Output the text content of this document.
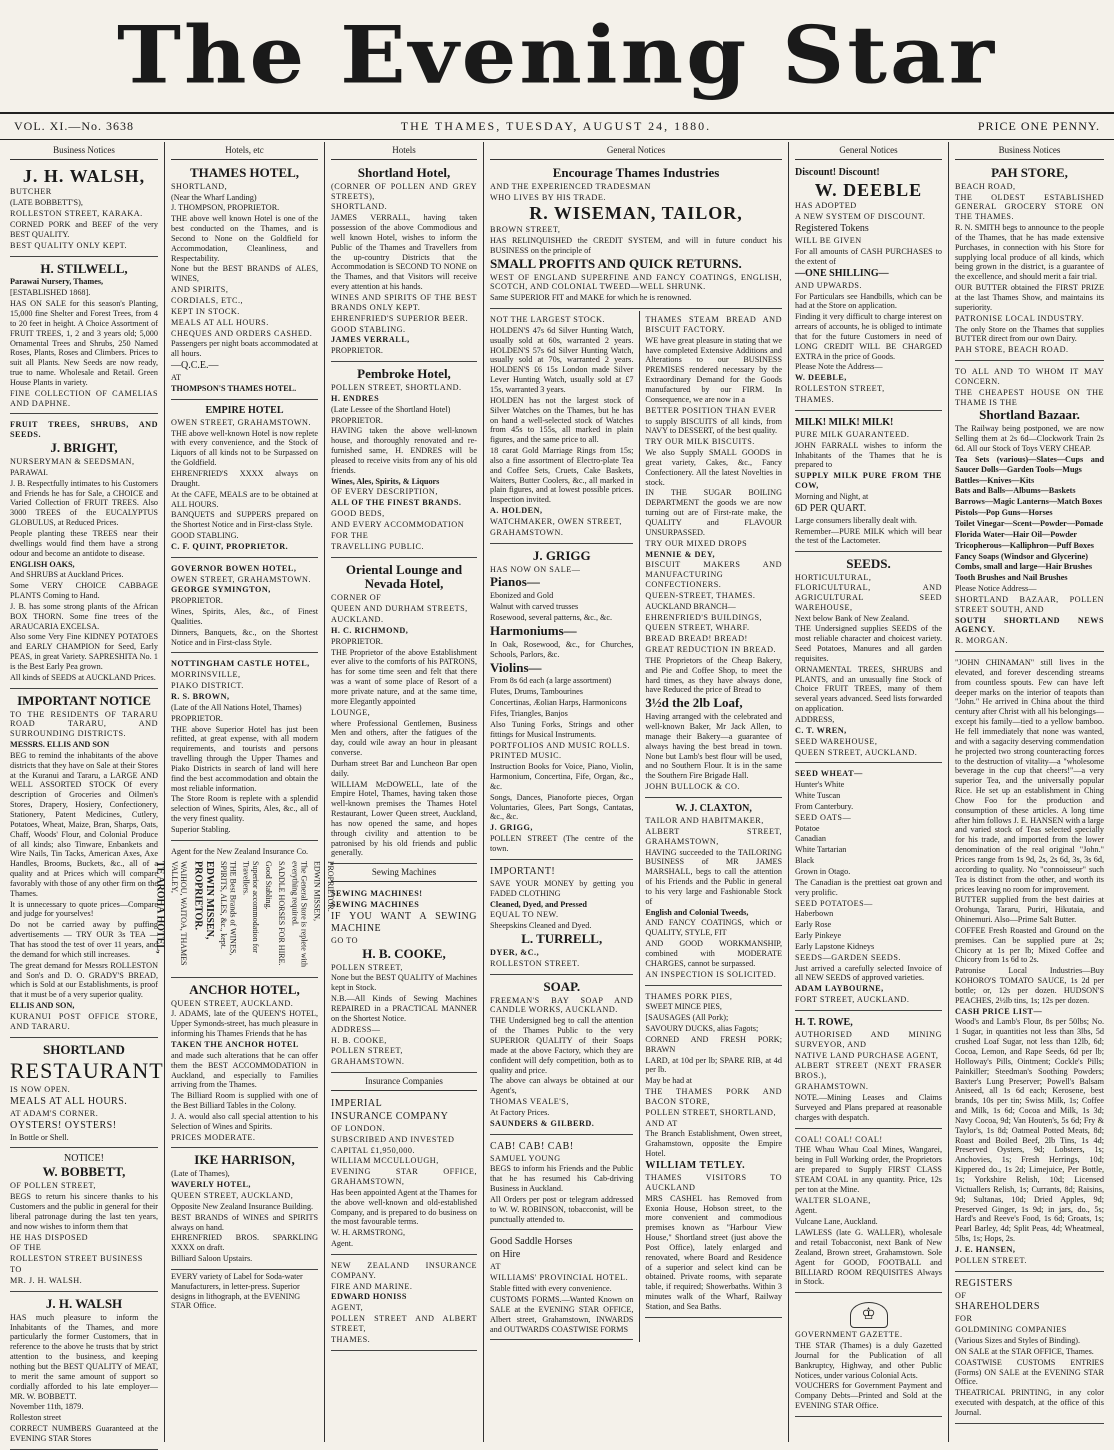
The Evening Star
VOL. XI.—No. 3638	THE THAMES, TUESDAY, AUGUST 24, 1880.	PRICE ONE PENNY.
Business Notices
J. H. WALSH,

BUTCHER

(LATE BOBBETT'S),

ROLLESTON STREET, KARAKA.

CORNED PORK and BEEF of the very BEST QUALITY.

BEST QUALITY ONLY KEPT.

H. STILWELL,

Parawai Nursery, Thames,

[ESTABLISHED 1868].

HAS ON SALE for this season's Planting, 15,000 fine Shelter and Forest Trees, from 4 to 20 feet in height. A Choice Assortment of FRUIT TREES, 1, 2 and 3 years old; 5,000 Ornamental Trees and Shrubs, 250 Named Roses, Plants, Roses and Climbers. Prices to suit all Plants. New Seeds are now ready, true to name. Wholesale and Retail. Green House Plants in variety.

FINE COLLECTION OF CAMELIAS AND DAPHNE.

FRUIT TREES, SHRUBS, AND SEEDS.

J. BRIGHT,

NURSERYMAN & SEEDSMAN,

PARAWAI.

J. B. Respectfully intimates to his Customers and Friends he has for Sale, a CHOICE and Varied Collection of FRUIT TREES. Also 3000 TREES of the EUCALYPTUS GLOBULUS, at Reduced Prices.

People planting these TREES near their dwellings would find them have a strong odour and become an antidote to disease.

ENGLISH OAKS,

And SHRUBS at Auckland Prices.

Some VERY CHOICE CABBAGE PLANTS Coming to Hand.

J. B. has some strong plants of the African BOX THORN. Some fine trees of the ARAUCARIA EXCELSA.

Also some Very Fine KIDNEY POTATOES and EARLY CHAMPION for Seed, Early PEAS, in great Variety. SAPRESHITA No. 1 is the Best Early Pea grown.

All kinds of SEEDS at AUCKLAND Prices.

IMPORTANT NOTICE

TO THE RESIDENTS OF TARARU ROAD TARARU, AND SURROUNDING DISTRICTS.

MESSRS. ELLIS AND SON

BEG to remind the inhabitants of the above districts that they have on Sale at their Stores at the Kuranui and Tararu, a LARGE AND WELL ASSORTED STOCK Of every description of Groceries and Oilmen's Stores, Drapery, Hosiery, Confectionery, Stationery, Patent Medicines, Cutlery, Potatoes, Wheat, Maize, Bran, Sharps, Oats, Chaff, Woods' Flour, and Colonial Produce of all kinds; also Tinware, Enbankets and Wire Nails, Tin Tacks, American Axes, Axe Handles, Brooms, Buckets, &c., all of a quality and at Prices which will compare favorably with those of any other firm on the Thames.

It is unnecessary to quote prices—Compare and judge for yourselves!

Do not be carried away by puffing advertisements — TRY OUR 3s TEA — That has stood the test of over 11 years, and the demand for which still increases.

The great demand for Messrs ROLLESTON and Son's and D. O. GRADY'S BREAD, which is Sold at our Establishments, is proof that it must be of a very superior quality.

ELLIS AND SON,

KURANUI POST OFFICE STORE, AND TARARU.

SHORTLAND
RESTAURANT

IS NOW OPEN.

MEALS AT ALL HOURS.

AT ADAM'S CORNER.

OYSTERS! OYSTERS!

In Bottle or Shell.

NOTICE!
W. BOBBETT,

OF POLLEN STREET,

BEGS to return his sincere thanks to his Customers and the public in general for their liberal patronage during the last ten years, and now wishes to inform them that

HE HAS DISPOSED

OF THE

ROLLESTON STREET BUSINESS

TO

MR. J. H. WALSH.

J. H. WALSH

HAS much pleasure to inform the Inhabitants of the Thames, and more particularly the former Customers, that in reference to the above he trusts that by strict attention to the business, and keeping nothing but the BEST QUALITY of MEAT, to merit the same amount of support so cordially afforded to his late employer—MR. W. BOBBETT.

November 11th, 1879.

Rolleston street

CORRECT NUMBERS Guaranteed at the EVENING STAR Stores

Hotels, etc
THAMES HOTEL,

SHORTLAND,

(Near the Wharf Landing)

J. THOMPSON, PROPRIETOR.

THE above well known Hotel is one of the best conducted on the Thames, and is Second to None on the Goldfield for Accommodation, Cleanliness, and Respectability.

None but the BEST BRANDS of ALES, WINES,

AND SPIRITS,

CORDIALS, ETC.,

KEPT IN STOCK.

MEALS AT ALL HOURS.

CHEQUES AND ORDERS CASHED.

Passengers per night boats accommodated at all hours.

—Q.C.E.—

AT

THOMPSON'S THAMES HOTEL.

EMPIRE HOTEL

OWEN STREET, GRAHAMSTOWN.

THE above well-known Hotel is now replete with every convenience, and the Stock of Liquors of all kinds not to be Surpassed on the Goldfield.

EHRENFRIED'S XXXX always on Draught.

At the CAFE, MEALS are to be obtained at ALL HOURS.

BANQUETS and SUPPERS prepared on the Shortest Notice and in First-class Style.

GOOD STABLING.

C. F. QUINT, PROPRIETOR.

GOVERNOR BOWEN HOTEL,

OWEN STREET, GRAHAMSTOWN.

GEORGE SYMINGTON,

PROPRIETOR.

Wines, Spirits, Ales, &c., of Finest Qualities.

Dinners, Banquets, &c., on the Shortest Notice and in First-class Style.

NOTTINGHAM CASTLE HOTEL,

MORRINSVILLE,

PIAKO DISTRICT.

R. S. BROWN,

(Late of the All Nations Hotel, Thames)

PROPRIETOR.

THE above Superior Hotel has just been refitted, at great expense, with all modern requirements, and tourists and persons travelling through the Upper Thames and Piako Districts in search of land will here find the best accommodation and obtain the most reliable information.

The Store Room is replete with a splendid selection of Wines, Spirits, Ales, &c., all of the very finest quality.

Superior Stabling.

Agent for the New Zealand Insurance Co.

TE AROHA HOTEL,	WAIHOU, WAITOA, THAMES VALLEY,	EDWIN MISSEN, PROPRIETOR.	THE Best Brands of WINES, SPIRITS, ALES, &c., kept.	Superior accommodation for Travellers.	Good Stabling. SADDLE HORSES FOR HIRE.	The General Store is replete with everything required.	EDWIN MISSEN, PROPRIETOR.
ANCHOR HOTEL,

QUEEN STREET, AUCKLAND.

J. ADAMS, late of the QUEEN'S HOTEL, Upper Symonds-street, has much pleasure in informing his Thames Friends that he has

TAKEN THE ANCHOR HOTEL

and made such alterations that he can offer them the BEST ACCOMMODATION in Auckland, and especially to Families arriving from the Thames.

The Billiard Room is supplied with one of the Best Billiard Tables in the Colony.

J. A. would also call special attention to his Selection of Wines and Spirits.

PRICES MODERATE.

IKE HARRISON,

(Late of Thames),

WAVERLY HOTEL,

QUEEN STREET, AUCKLAND,

Opposite New Zealand Insurance Building.

BEST BRANDS of WINES and SPIRITS always on hand.

EHRENFRIED BROS. SPARKLING XXXX on draft.

Billiard Saloon Upstairs.

EVERY variety of Label for Soda-water Manufacturers, in letter-press. Superior designs in lithograph, at the EVENING STAR Office.

Hotels
Shortland Hotel,

(CORNER OF POLLEN AND GREY STREETS),

SHORTLAND.

JAMES VERRALL, having taken possession of the above Commodious and well known Hotel, wishes to inform the Public of the Thames and Travellers from the up-country Districts that the Accommodation is SECOND TO NONE on the Thames, and that Visitors will receive every attention at his hands.

WINES AND SPIRITS OF THE BEST BRANDS ONLY KEPT.

EHRENFRIED'S SUPERIOR BEER.

GOOD STABLING.

JAMES VERRALL,

PROPRIETOR.

Pembroke Hotel,

POLLEN STREET, SHORTLAND.

H. ENDRES

(Late Lessee of the Shortland Hotel)

PROPRIETOR.

HAVING taken the above well-known house, and thoroughly renovated and re-furnished same, H. ENDRES will be pleased to receive visits from any of his old friends.

Wines, Ales, Spirits, & Liquors

OF EVERY DESCRIPTION,

ALL OF THE FINEST BRANDS.

GOOD BEDS,

AND EVERY ACCOMMODATION

FOR THE

TRAVELLING PUBLIC.

Oriental Lounge and Nevada Hotel,

CORNER OF

QUEEN AND DURHAM STREETS,

AUCKLAND.

H. C. RICHMOND,

PROPRIETOR.

THE Proprietor of the above Establishment ever alive to the comforts of his PATRONS, has for some time seen and felt that there was a want of some place of Resort of a more private nature, and at the same time, more Elegantly appointed

LOUNGE,

where Professional Gentlemen, Business Men and others, after the fatigues of the day, could wile away an hour in pleasant converse.

Durham street Bar and Luncheon Bar open daily.

WILLIAM McDOWELL, late of the Empire Hotel, Thames, having taken those well-known premises the Thames Hotel Restaurant, Lower Queen street, Auckland, has now opened the same, and hopes through civility and attention to be patronised by his old friends and public generally.

Sewing Machines

SEWING MACHINES!

SEWING MACHINES

IF YOU WANT A SEWING MACHINE

GO TO

H. B. COOKE,

POLLEN STREET,

None but the BEST QUALITY of Machines kept in Stock.

N.B.—All Kinds of Sewing Machines REPAIRED in a PRACTICAL MANNER on the Shortest Notice.

ADDRESS—

H. B. COOKE,

POLLEN STREET,

GRAHAMSTOWN.

Insurance Companies

IMPERIAL

INSURANCE COMPANY

OF LONDON.

SUBSCRIBED AND INVESTED

CAPITAL £1,950,000.

WILLIAM MCCULLOUGH,

EVENING STAR OFFICE, GRAHAMSTOWN,

Has been appointed Agent at the Thames for the above well-known and old-established Company, and is prepared to do business on the most favourable terms.

W. H. ARMSTRONG,

Agent.

NEW ZEALAND INSURANCE COMPANY.

FIRE AND MARINE.

EDWARD HONISS

AGENT,

POLLEN STREET AND ALBERT STREET,

THAMES.

General Notices
Encourage Thames Industries

AND THE EXPERIENCED TRADESMAN

WHO LIVES BY HIS TRADE.

R. WISEMAN, TAILOR,

BROWN STREET,

HAS RELINQUISHED the CREDIT SYSTEM, and will in future conduct his BUSINESS on the principle of

SMALL PROFITS AND QUICK RETURNS.

WEST OF ENGLAND SUPERFINE AND FANCY COATINGS, ENGLISH, SCOTCH, AND COLONIAL TWEED—WELL SHRUNK.

Same SUPERIOR FIT and MAKE for which he is renowned.

NOT THE LARGEST STOCK.

HOLDEN'S 47s 6d Silver Hunting Watch, usually sold at 60s, warranted 2 years. HOLDEN'S 57s 6d Silver Hunting Watch, usually sold at 70s, warranted 2 years. HOLDEN'S £6 15s London made Silver Lever Hunting Watch, usually sold at £7 15s, warranted 3 years.

HOLDEN has not the largest stock of Silver Watches on the Thames, but he has on hand a well-selected stock of Watches from 45s to 155s, all marked in plain figures, and the same price to all.

18 carat Gold Marriage Rings from 15s; also a fine assortment of Electro-plate Tea and Coffee Sets, Cruets, Cake Baskets, Waiters, Butter Coolers, &c., all marked in plain figures, and at lowest possible prices. Inspection invited.

A. HOLDEN,

WATCHMAKER, OWEN STREET,

GRAHAMSTOWN.

J. GRIGG

HAS NOW ON SALE—

Pianos—

Ebonized and Gold

Walnut with carved trusses

Rosewood, several patterns, &c., &c.

Harmoniums—

In Oak, Rosewood, &c., for Churches, Schools, Parlors, &c.

Violins—

From 8s 6d each (a large assortment)

Flutes, Drums, Tambourines

Concertinas, Æolian Harps, Harmonicons

Fifes, Triangles, Banjos

Also Tuning Forks, Strings and other fittings for Musical Instruments.

PORTFOLIOS AND MUSIC ROLLS.

PRINTED MUSIC.

Instruction Books for Voice, Piano, Violin, Harmonium, Concertina, Fife, Organ, &c., &c.

Songs, Dances, Pianoforte pieces, Organ Voluntaries, Glees, Part Songs, Cantatas, &c., &c.

J. GRIGG,

POLLEN STREET (The centre of the town.

IMPORTANT!

SAVE YOUR MONEY by getting you FADED CLOTHING

Cleaned, Dyed, and Pressed

EQUAL TO NEW.

Sheepskins Cleaned and Dyed.

L. TURRELL,

DYER, &C.,

ROLLESTON STREET.

SOAP.

FREEMAN'S BAY SOAP AND CANDLE WORKS, AUCKLAND.

THE Undersigned beg to call the attention of the Thames Public to the very SUPERIOR QUALITY of their Soaps made at the above Factory, which they are confident will defy competition, both as to quality and price.

The above can always be obtained at our Agent's,

THOMAS VEALE'S,

At Factory Prices.

SAUNDERS & GILBERD.

CAB! CAB! CAB!

SAMUEL YOUNG

BEGS to inform his Friends and the Public that he has resumed his Cab-driving Business in Auckland.

All Orders per post or telegram addressed to W. W. ROBINSON, tobacconist, will be punctually attended to.

Good Saddle Horses

on Hire

AT

WILLIAMS' PROVINCIAL HOTEL.

Stable fitted with every convenience.

CUSTOMS FORMS.—Wanted Known on SALE at the EVENING STAR OFFICE, Albert street, Grahamstown, INWARDS and OUTWARDS COASTWISE FORMS

THAMES STEAM BREAD AND BISCUIT FACTORY.

WE have great pleasure in stating that we have completed Extensive Additions and Alterations to our BUSINESS PREMISES rendered necessary by the Extraordinary Demand for the Goods manufactured by our FIRM. In Consequence, we are now in a

BETTER POSITION THAN EVER

to supply BISCUITS of all kinds, from NAVY to DESSERT, of the best quality.

TRY OUR MILK BISCUITS.

We also Supply SMALL GOODS in great variety, Cakes, &c., Fancy Confectionery. All the latest Novelties in stock.

IN THE SUGAR BOILING DEPARTMENT the goods we are now turning out are of First-rate make, the QUALITY and FLAVOUR UNSURPASSED.

TRY OUR MIXED DROPS

MENNIE & DEY,

BISCUIT MAKERS AND MANUFACTURING CONFECTIONERS.

QUEEN-STREET, THAMES.

AUCKLAND BRANCH—

EHRENFRIED'S BUILDINGS,

QUEEN STREET, WHARF.

BREAD BREAD! BREAD!

GREAT REDUCTION IN BREAD.

THE Proprietors of the Cheap Bakery, and Pie and Coffee Shop, to meet the hard times, as they have always done, have Reduced the price of Bread to

3½d the 2lb Loaf,

Having arranged with the celebrated and well-known Baker, Mr Jack Allen, to manage their Bakery—a guarantee of always having the best bread in town. None but Lamb's best flour will be used, and no Southern Flour. It is in the same the Southern Fire Brigade Hall.

JOHN BULLOCK & CO.

W. J. CLAXTON,

TAILOR AND HABITMAKER,

ALBERT STREET, GRAHAMSTOWN,

HAVING succeeded to the TAILORING BUSINESS of MR JAMES MARSHALL, begs to call the attention of his Friends and the Public in general to his very large and Fashionable Stock of

English and Colonial Tweeds,

AND FANCY COATINGS, which or QUALITY, STYLE, FIT

AND GOOD WORKMANSHIP, combined with MODERATE CHARGES, cannot be surpassed.

AN INSPECTION IS SOLICITED.

THAMES PORK PIES,

SWEET MINCE PIES,

[SAUSAGES (All Pork);

SAVOURY DUCKS, alias Fagots;

CORNED AND FRESH PORK; BRAWN

LARD, at 10d per lb; SPARE RIB, at 4d per lb.

May be had at

THE THAMES PORK AND BACON STORE,

POLLEN STREET, SHORTLAND,

AND AT

The Branch Establishment, Owen street, Grahamstown, opposite the Empire Hotel.

WILLIAM TETLEY.

THAMES VISITORS TO AUCKLAND

MRS CASHEL has Removed from Exonia House, Hobson street, to the more convenient and commodious premises known as "Harbour View House," Shortland street (just above the Post Office), lately enlarged and renovated, where Board and Residence of a superior and select kind can be obtained. Private rooms, with separate table, if required; Showerbaths. Within 3 minutes walk of the Wharf, Railway Station, and Sea Baths.

General Notices

Discount! Discount!

W. DEEBLE

HAS ADOPTED

A NEW SYSTEM OF DISCOUNT.

Registered Tokens

WILL BE GIVEN

For all amounts of CASH PURCHASES to the extent of

—ONE SHILLING—

AND UPWARDS.

For Particulars see Handbills, which can be had at the Store on application.

Finding it very difficult to charge interest on arrears of accounts, he is obliged to intimate that for the future Customers in need of LONG CREDIT WILL BE CHARGED EXTRA in the price of Goods.

Please Note the Address—

W. DEEBLE,

ROLLESTON STREET,

THAMES.

MILK! MILK! MILK!

PURE MILK GUARANTEED.

JOHN FARRALL wishes to inform the Inhabitants of the Thames that he is prepared to

SUPPLY MILK PURE FROM THE COW,

Morning and Night, at

6D PER QUART.

Large consumers liberally dealt with.

Remember—PURE MILK which will bear the test of the Lactometer.

SEEDS.

HORTICULTURAL, FLORICULTURAL, AND AGRICULTURAL SEED WAREHOUSE,

Next below Bank of New Zealand.

THE Undersigned supplies SEEDS of the most reliable character and choicest variety. Seed Potatoes, Manures and all garden requisites.

ORNAMENTAL TREES, SHRUBS and PLANTS, and an unusually fine Stock of Choice FRUIT TREES, many of them several years advanced. Seed lists forwarded on application.

ADDRESS,

C. T. WREN,

SEED WAREHOUSE,

QUEEN STREET, AUCKLAND.

SEED WHEAT—

Hunter's White

White Tuscan

From Canterbury.

SEED OATS—

Potatoe

Canadian

White Tartarian

Black

Grown in Otago.

The Canadian is the prettiest oat grown and very prolific.

SEED POTATOES—

Haberbown

Early Rose

Early Pinkeye

Early Lapstone Kidneys

SEEDS—GARDEN SEEDS.

Just arrived a carefully selected Invoice of all NEW SEEDS of approved varieties.

ADAM LAYBOURNE,

FORT STREET, AUCKLAND.

H. T. ROWE,

AUTHORISED AND MINING SURVEYOR, AND

NATIVE LAND PURCHASE AGENT,

ALBERT STREET (NEXT FRASER BROS.),

GRAHAMSTOWN.

NOTE.—Mining Leases and Claims Surveyed and Plans prepared at reasonable charges with despatch.

COAL! COAL! COAL!

THE Whau Whau Coal Mines, Wangarei, being in Full Working order, the Proprietors are prepared to Supply FIRST CLASS STEAM COAL in any quantity. Price, 12s per ton at the Mine.

WALTER SLOANE,

Agent.

Vulcane Lane, Auckland.

LAWLESS (late G. WALLER), wholesale and retail Tobacconist, next Bank of New Zealand, Brown street, Grahamstown. Sole Agent for GOOD, FOOTBALL and BILLIARD ROOM REQUISITES Always in Stock.

♔

GOVERNMENT GAZETTE.

THE STAR (Thames) is a duly Gazetted Journal for the Publication of all Bankruptcy, Highway, and other Public Notices, under various Colonial Acts.

VOUCHERS for Government Payment and Company Debts—Printed and Sold at the EVENING STAR Office.

Business Notices
PAH STORE,

BEACH ROAD,

THE OLDEST ESTABLISHED GENERAL GROCERY STORE ON THE THAMES.

R. N. SMITH begs to announce to the people of the Thames, that he has made extensive Purchases, in connection with his Store for supplying local produce of all kinds, which being grown in the district, is a guarantee of the excellence, and should merit a fair trial.

OUR BUTTER obtained the FIRST PRIZE at the last Thames Show, and maintains its superiority.

PATRONISE LOCAL INDUSTRY.

The only Store on the Thames that supplies BUTTER direct from our own Dairy.

PAH STORE, BEACH ROAD.

TO ALL AND TO WHOM IT MAY CONCERN.

THE CHEAPEST HOUSE ON THE THAME IS THE

Shortland Bazaar.

The Railway being postponed, we are now Selling them at 2s 6d—Clockwork Train 2s 6d. All our Stock of Toys VERY CHEAP.

Tea Sets (various)—Slates—Cups and Saucer Dolls—Garden Tools—Mugs

Battles—Knives—Kits

Bats and Balls—Albums—Baskets

Barrows—Magic Lanterns—Match Boxes

Pistols—Pop Guns—Horses

Toilet Vinegar—Scent—Powder—Pomade

Florida Water—Hair Oil—Powder

Tricopherous—Kalliphron—Puff Boxes

Fancy Soaps (Windsor and Glycerine)

Combs, small and large—Hair Brushes

Tooth Brushes and Nail Brushes

Please Notice Address—

SHORTLAND BAZAAR, POLLEN STREET SOUTH, AND

SOUTH SHORTLAND NEWS AGENCY.

R. MORGAN.

"JOHN CHINAMAN" still lives in the elevated, and forever descending streams from countless spouts. Few can have left deeper marks on the interior of teapots than "John." He arrived in China about the third century after Christ with all his belongings—except his family—tied to a yellow bamboo. He fell immediately that none was wanted, and with a sagacity deserving commendation he projected two strong counteracting forces to the destruction of vitality—a "wholesome beverage in the cup that cheers!"—a very superior Tea, and the universally popular Rice. He set up an establishment in Ching Chow Foo for the production and consumption of these articles. A long time after him follows J. E. HANSEN with a large and varied stock of Teas selected specially for his trade, and imported from the lower denomination of the real original "John." Prices range from 1s 9d, 2s, 2s 6d, 3s, 3s 6d, according to quality. No "connoisseur" such Tea is distinct from the other, and worth its prices leaving no room for improvement.

BUTTER supplied from the best dairies at Orohunga, Tararu, Puriri, Hikutaia, and Ohinemuri. Also—Prime Salt Butter.

COFFEE Fresh Roasted and Ground on the premises. Can be supplied pure at 2s; Chicory at 1s per lb; Mixed Coffee and Chicory from 1s 6d to 2s.

Patronise Local Industries—Buy KOHORO'S TOMATO SAUCE, 1s 2d per bottle; or, 12s per dozen. HUDSON'S PEACHES, 2½lb tins, 1s; 12s per dozen.

CASH PRICE LIST—

Wood's and Lamb's Flour, 8s per 50lbs; No. 1 Sugar, in quantities not less than 3lbs, 5d crushed Loaf Sugar, not less than 12lb, 6d; Cocoa, Lemon, and Rape Seeds, 6d per lb; Holloway's Pills, Ointment; Cockle's Pills; Painkiller; Steedman's Soothing Powders; Baxter's Lung Preserver; Powell's Balsam Aniseed, all 1s 6d each; Kerosene, best brands, 10s per tin; Swiss Milk, 1s; Coffee and Milk, 1s 6d; Cocoa and Milk, 1s 3d; Navy Cocoa, 9d; Van Houten's, 5s 6d; Fry & Taylor's, 1s 8d; Oatmeal Potted Meats, 8d; Roast and Boiled Beef, 2lb Tins, 1s 4d; Preserved Oysters, 9d; Lobsters, 1s; Anchovies, 1s; Fresh Herrings, 10d; Kippered do., 1s 2d; Limejuice, Per Bottle, 1s; Yorkshire Relish, 10d; Licensed Victuallers Relish, 1s; Currants, 8d; Raisins, 9d; Sultanas, 10d; Dried Apples, 9d; Preserved Ginger, 1s 9d; in jars, do., 5s; Hard's and Reeve's Food, 1s 6d; Groats, 1s; Pearl Barley, 4d; Split Peas, 4d; Wheatmeal, 5lbs, 1s; Hops, 2s.

J. E. HANSEN,

POLLEN STREET.

REGISTERS

OF

SHAREHOLDERS

FOR

GOLDMINING COMPANIES

(Various Sizes and Styles of Binding).

ON SALE at the STAR OFFICE, Thames.

COASTWISE CUSTOMS ENTRIES (Forms) ON SALE at the EVENING STAR Office.

THEATRICAL PRINTING, in any color executed with despatch, at the office of this Journal.
